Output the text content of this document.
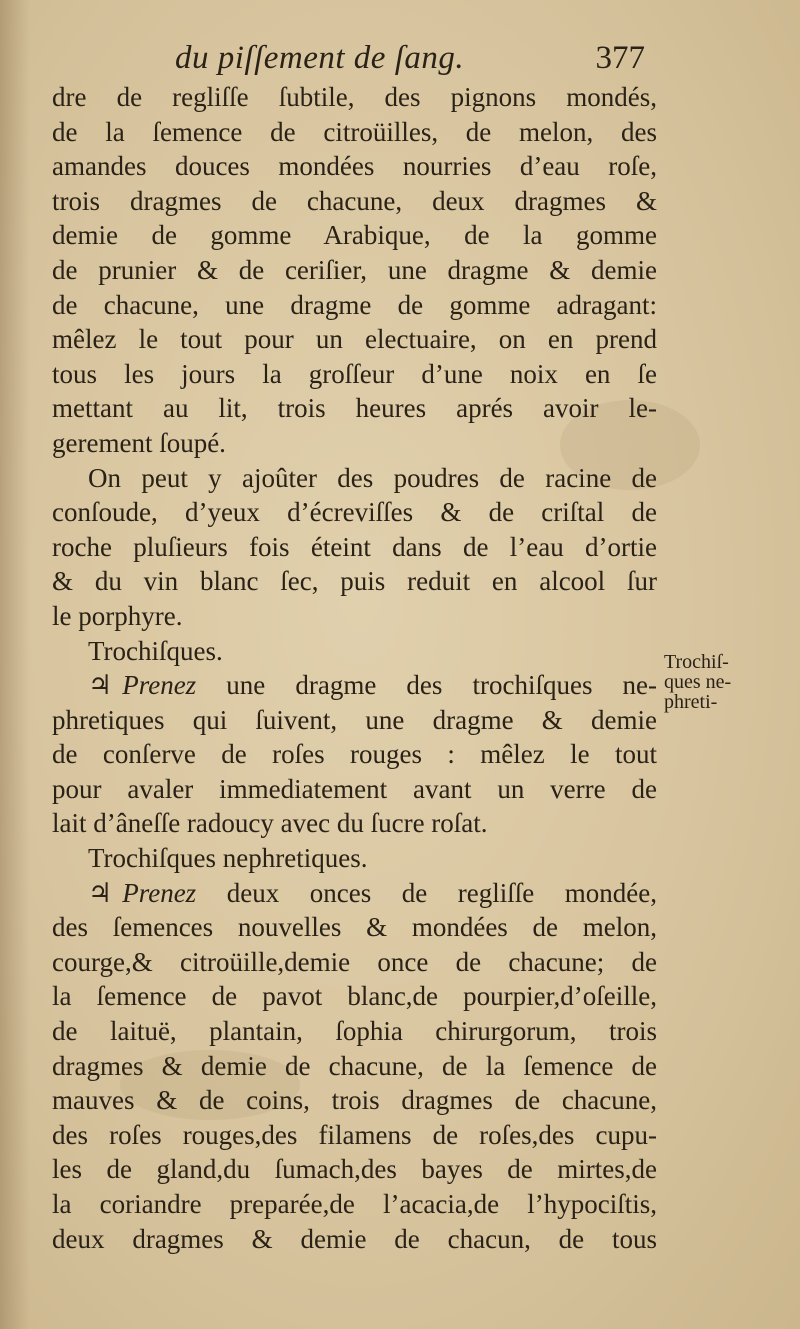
du piſſement de ſang.	377
dre de regliſſe ſubtile, des pignons mondés,
de la ſemence de citroüilles, de melon, des
amandes douces mondées nourries d’eau roſe,
trois dragmes de chacune, deux dragmes &
demie de gomme Arabique, de la gomme
de prunier & de ceriſier, une dragme & demie
de chacune, une dragme de gomme adragant:
mêlez le tout pour un electuaire, on en prend
tous les jours la groſſeur d’une noix en ſe
mettant au lit, trois heures aprés avoir le-
gerement ſoupé.
On peut y ajoûter des poudres de racine de
conſoude, d’yeux d’écreviſſes & de criſtal de
roche pluſieurs fois éteint dans de l’eau d’ortie
& du vin blanc ſec, puis reduit en alcool ſur
le porphyre.
Trochiſques.
♃ Prenez une dragme des trochiſques ne-
phretiques qui ſuivent, une dragme & demie
de conſerve de roſes rouges : mêlez le tout
pour avaler immediatement avant un verre de
lait d’âneſſe radoucy avec du ſucre roſat.
Trochiſques nephretiques.
♃ Prenez deux onces de regliſſe mondée,
des ſemences nouvelles & mondées de melon,
courge,& citroüille,demie once de chacune; de
la ſemence de pavot blanc,de pourpier,d’oſeille,
de laituë, plantain, ſophia chirurgorum, trois
dragmes & demie de chacune, de la ſemence de
mauves & de coins, trois dragmes de chacune,
des roſes rouges,des filamens de roſes,des cupu-
les de gland,du ſumach,des bayes de mirtes,de
la coriandre preparée,de l’acacia,de l’hypociſtis,
deux dragmes & demie de chacun, de tous
Trochiſ-
ques ne-
phreti-
